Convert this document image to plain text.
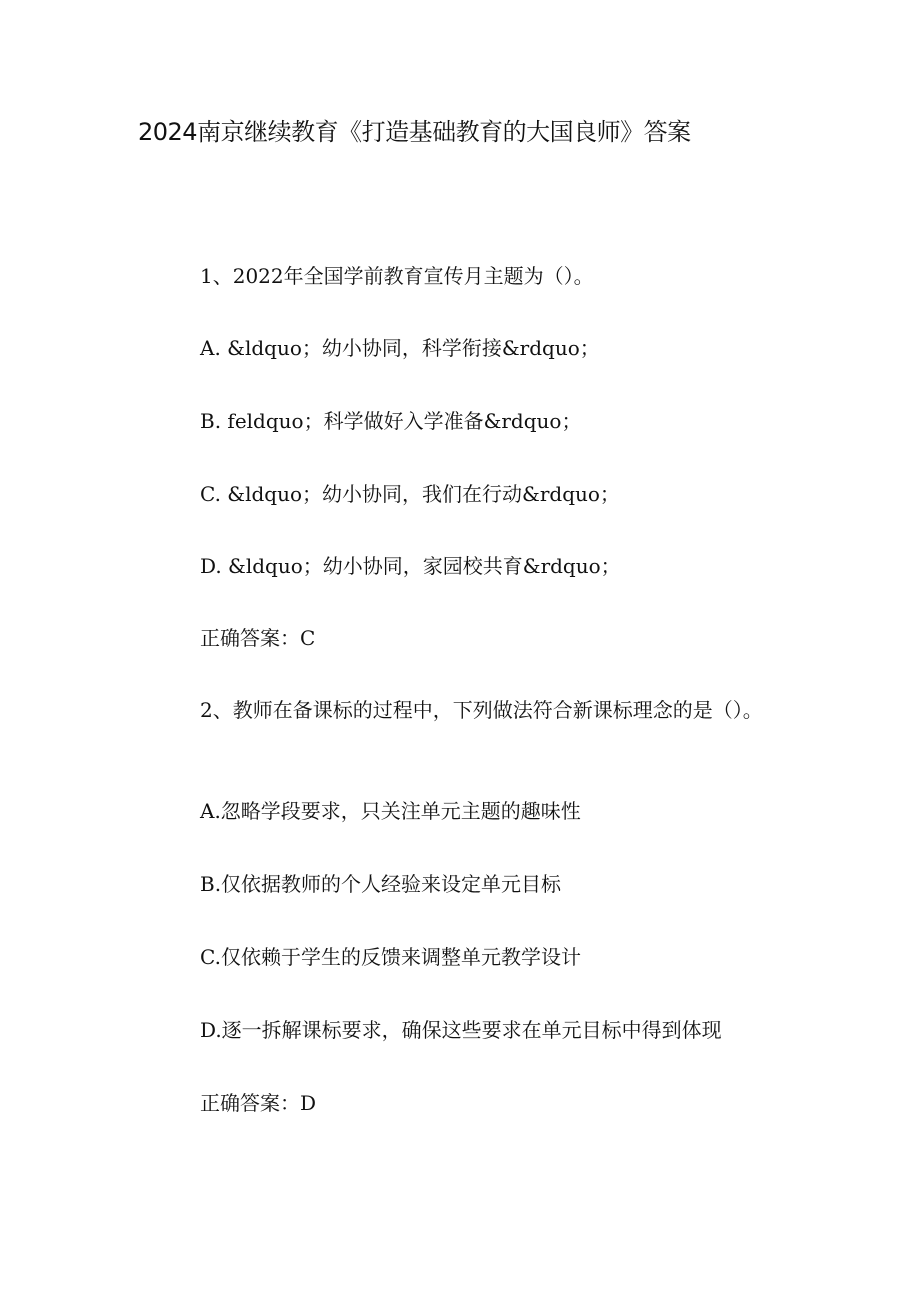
2024南京继续教育《打造基础教育的大国良师》答案
1、2022年全国学前教育宣传月主题为（）。
A. &ldquo；幼小协同，科学衔接&rdquo；
B. feldquo；科学做好入学准备&rdquo；
C. &ldquo；幼小协同，我们在行动&rdquo；
D. &ldquo；幼小协同，家园校共育&rdquo；
正确答案：C
2、教师在备课标的过程中，下列做法符合新课标理念的是（）。
A.忽略学段要求，只关注单元主题的趣味性
B.仅依据教师的个人经验来设定单元目标
C.仅依赖于学生的反馈来调整单元教学设计
D.逐一拆解课标要求，确保这些要求在单元目标中得到体现
正确答案：D
